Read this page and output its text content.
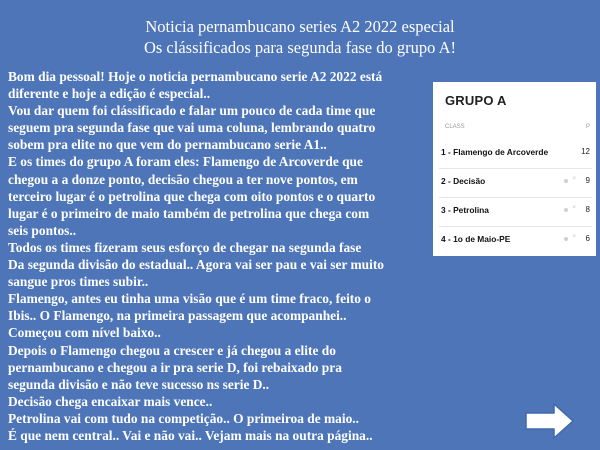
Noticia pernambucano series A2 2022 especial
Os clássificados para segunda fase do grupo A!
Bom dia pessoal! Hoje o noticia pernambucano serie A2 2022 está
diferente e hoje a edição é especial..
Vou dar quem foi clássificado e falar um pouco de cada time que
seguem pra segunda fase que vai uma coluna, lembrando quatro
sobem pra elite no que vem do pernambucano serie A1..
E os times do grupo A foram eles: Flamengo de Arcoverde que
chegou a a donze ponto, decisão chegou a ter nove pontos, em
terceiro lugar é o petrolina que chega com oito pontos e o quarto
lugar é o primeiro de maio também de petrolina que chega com
seis pontos..
Todos os times fizeram seus esforço de chegar na segunda fase
Da segunda divisão do estadual.. Agora vai ser pau e vai ser muito
sangue pros times subir..
Flamengo, antes eu tinha uma visão que é um time fraco, feito o
Ibis.. O Flamengo, na primeira passagem que acompanhei..
Começou com nível baixo..
Depois o Flamengo chegou a crescer e já chegou a elite do
pernambucano e chegou a ir pra serie D, foi rebaixado pra
segunda divisão e não teve sucesso ns serie D..
Decisão chega encaixar mais vence..
Petrolina vai com tudo na competição.. O primeiroa de maio..
É que nem central.. Vai e não vai.. Vejam mais na outra página..
GRUPO A
CLASS	P
1 - Flamengo de Arcoverde	12
2 - Decisão	× 9
3 - Petrolina	× 8
4 - 1o de Maio-PE	× 6
